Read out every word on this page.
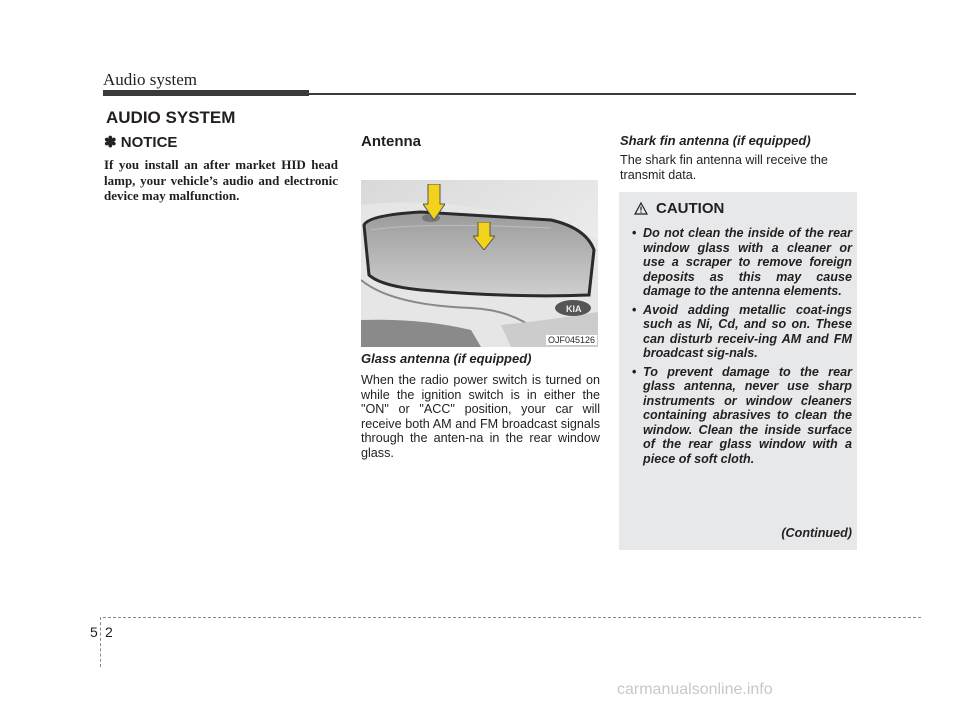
Audio system
AUDIO SYSTEM
✽ NOTICE
If you install an after market HID head lamp, your vehicle’s audio and electronic device may malfunction.
Antenna
KIA
OJF045126
Glass antenna (if equipped)
When the radio power switch is turned on while the ignition switch is in either the "ON" or "ACC" position, your car will receive both AM and FM broadcast signals through the anten-na in the rear window glass.
Shark fin antenna (if equipped)
The shark fin antenna will receive the transmit data.
CAUTION
• Do not clean the inside of the rear window glass with a cleaner or use a scraper to remove foreign deposits as this may cause damage to the antenna elements.
• Avoid adding metallic coat-ings such as Ni, Cd, and so on. These can disturb receiv-ing AM and FM broadcast sig-nals.
• To prevent damage to the rear glass antenna, never use sharp instruments or window cleaners containing abrasives to clean the window. Clean the inside surface of the rear glass window with a piece of soft cloth.
(Continued)
5 2
carmanualsonline.info
